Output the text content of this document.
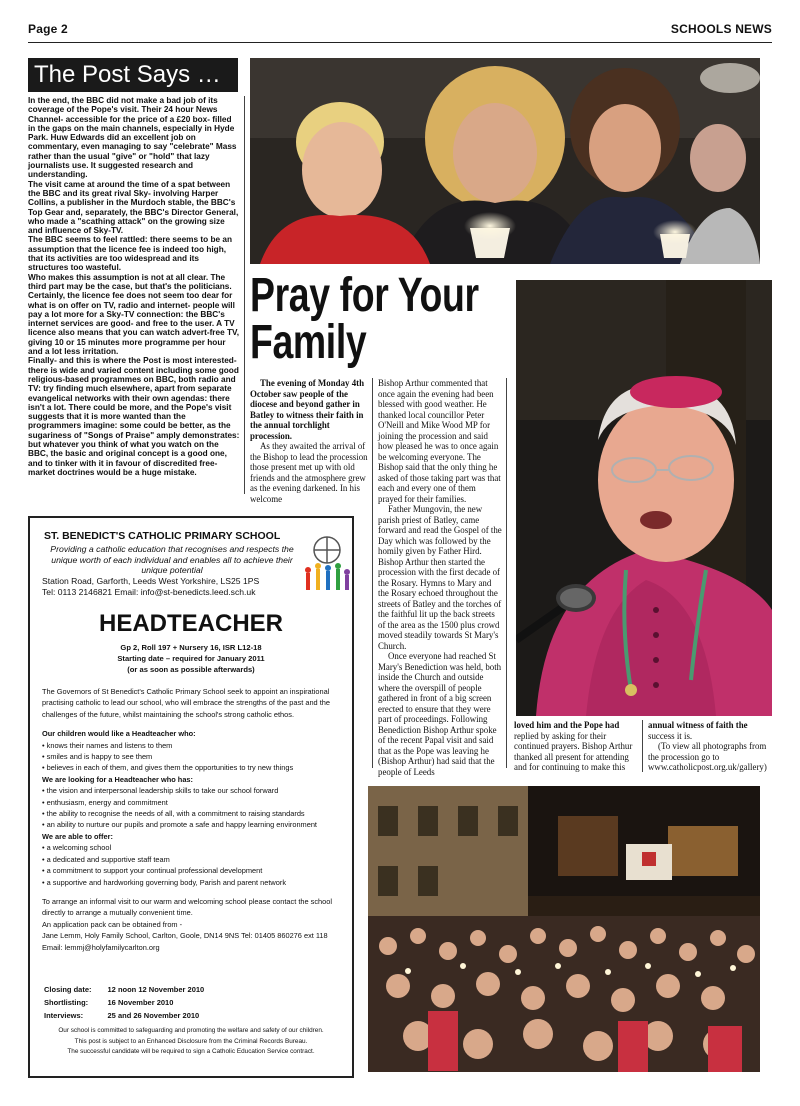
Page 2	SCHOOLS NEWS
The Post Says …

In the end, the BBC did not make a bad job of its coverage of the Pope's visit. Their 24 hour News Channel- accessible for the price of a £20 box- filled in the gaps on the main channels, especially in Hyde Park. Huw Edwards did an excellent job on commentary, even managing to say "celebrate" Mass rather than the usual "give" or "hold" that lazy journalists use. It suggested research and understanding.

The visit came at around the time of a spat between the BBC and its great rival Sky- involving Harper Collins, a publisher in the Murdoch stable, the BBC's Top Gear and, separately, the BBC's Director General, who made a "scathing attack" on the growing size and influence of Sky-TV.

The BBC seems to feel rattled: there seems to be an assumption that the licence fee is indeed too high, that its activities are too widespread and its structures too wasteful.

Who makes this assumption is not at all clear. The third part may be the case, but that's the politicians. Certainly, the licence fee does not seem too dear for what is on offer on TV, radio and internet- people will pay a lot more for a Sky-TV connection: the BBC's internet services are good- and free to the user. A TV licence also means that you can watch advert-free TV, giving 10 or 15 minutes more programme per hour and a lot less irritation.

Finally- and this is where the Post is most interested- there is wide and varied content including some good religious-based programmes on BBC, both radio and TV: try finding much elsewhere, apart from separate evangelical networks with their own agendas: there isn't a lot. There could be more, and the Pope's visit suggests that it is more wanted than the programmers imagine: some could be better, as the sugariness of "Songs of Praise" amply demonstrates: but whatever you think of what you watch on the BBC, the basic and original concept is a good one, and to tinker with it in favour of discredited free-market doctrines would be a huge mistake.

Pray for Your
Family

The evening of Monday 4th October saw people of the diocese and beyond gather in Batley to witness their faith in the annual torchlight procession.

As they awaited the arrival of the Bishop to lead the procession those present met up with old friends and the atmosphere grew as the evening darkened. In his welcome

Bishop Arthur commented that once again the evening had been blessed with good weather. He thanked local councillor Peter O'Neill and Mike Wood MP for joining the procession and said how pleased he was to once again be welcoming everyone. The Bishop said that the only thing he asked of those taking part was that each and every one of them prayed for their families.

Father Mungovin, the new parish priest of Batley, came forward and read the Gospel of the Day which was followed by the homily given by Father Hird. Bishop Arthur then started the procession with the first decade of the Rosary. Hymns to Mary and the Rosary echoed throughout the streets of Batley and the torches of the faithful lit up the back streets of the area as the 1500 plus crowd moved steadily towards St Mary's Church.

Once everyone had reached St Mary's Benediction was held, both inside the Church and outside where the overspill of people gathered in front of a big screen erected to ensure that they were part of proceedings. Following Benediction Bishop Arthur spoke of the recent Papal visit and said that as the Pope was leaving he (Bishop Arthur) had said that the people of Leeds

loved him and the Pope had

replied by asking for their continued prayers. Bishop Arthur thanked all present for attending and for continuing to make this

annual witness of faith the

success it is.

(To view all photographs from the procession go to www.catholicpost.org.uk/gallery)

ST. BENEDICT'S CATHOLIC PRIMARY SCHOOL
Providing a catholic education that recognises and respects the unique worth of each individual and enables all to achieve their unique potential
Station Road, Garforth, Leeds West Yorkshire, LS25 1PS
Tel: 0113 2146821 Email: info@st-benedicts.leed.sch.uk
HEADTEACHER
Gp 2, Roll 197 + Nursery 16, ISR L12-18
Starting date – required for January 2011
(or as soon as possible afterwards)
The Governors of St Benedict's Catholic Primary School seek to appoint an inspirational practising catholic to lead our school, who will embrace the strengths of the past and the challenges of the future, whilst maintaining the school's strong catholic ethos.
Our children would like a Headteacher who:
• knows their names and listens to them
• smiles and is happy to see them
• believes in each of them, and gives them the opportunities to try new things
We are looking for a Headteacher who has:
• the vision and interpersonal leadership skills to take our school forward
• enthusiasm, energy and commitment
• the ability to recognise the needs of all, with a commitment to raising standards
• an ability to nurture our pupils and promote a safe and happy learning environment
We are able to offer:
• a welcoming school
• a dedicated and supportive staff team
• a commitment to support your continual professional development
• a supportive and hardworking governing body, Parish and parent network
To arrange an informal visit to our warm and welcoming school please contact the school directly to arrange a mutually convenient time.
An application pack can be obtained from -
Jane Lemm, Holy Family School, Carlton, Goole, DN14 9NS Tel: 01405 860276 ext 118 Email: lemmj@holyfamilycarlton.org
Closing date:	12 noon 12 November 2010
Shortlisting:	16 November 2010
Interviews:	25 and 26 November 2010
Our school is committed to safeguarding and promoting the welfare and safety of our children.
This post is subject to an Enhanced Disclosure from the Criminal Records Bureau.
The successful candidate will be required to sign a Catholic Education Service contract.
